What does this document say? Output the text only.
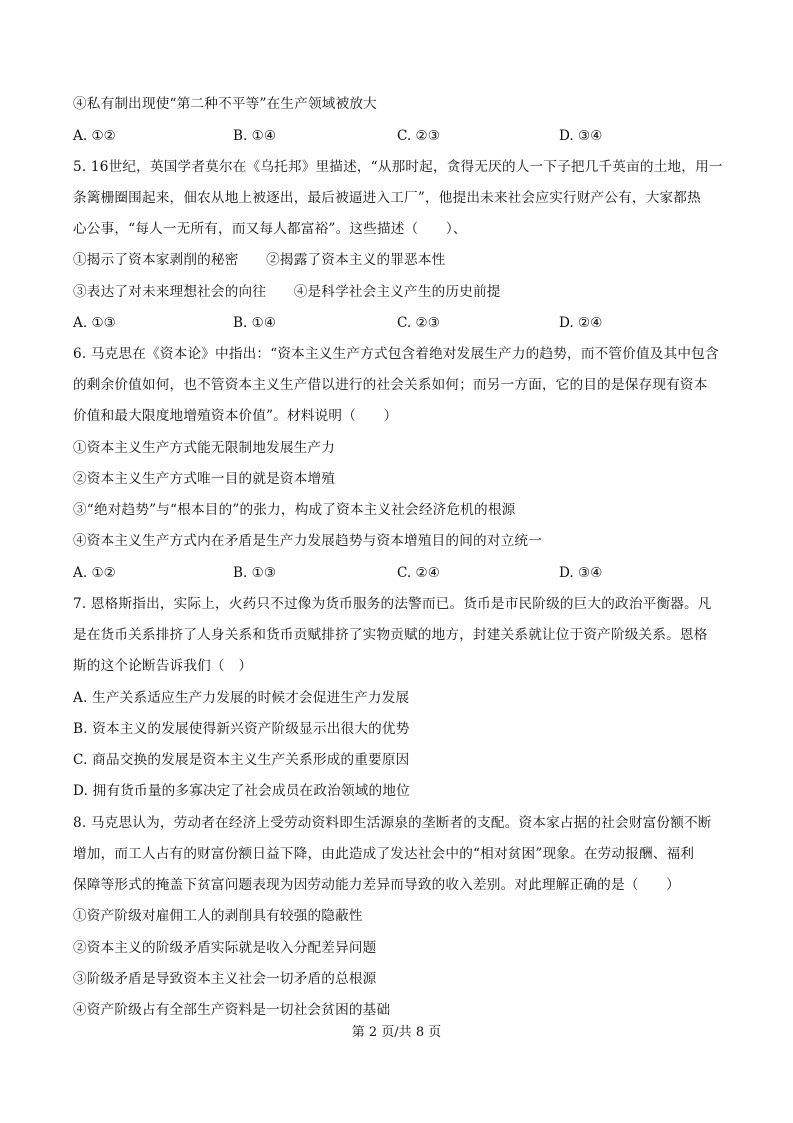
④私有制出现使“第二种不平等”在生产领域被放大
A. ①②	B. ①④	C. ②③	D. ③④
5. 16世纪，英国学者莫尔在《乌托邦》里描述，“从那时起，贪得无厌的人一下子把几千英亩的土地，用一
条篱栅圈围起来，佃农从地上被逐出，最后被逼进入工厂”，他提出未来社会应实行财产公有，大家都热
心公事，“每人一无所有，而又每人都富裕”。这些描述（　　）、
①揭示了资本家剥削的秘密　　②揭露了资本主义的罪恶本性
③表达了对未来理想社会的向往　　④是科学社会主义产生的历史前提
A. ①③	B. ①④	C. ②③	D. ②④
6. 马克思在《资本论》中指出：“资本主义生产方式包含着绝对发展生产力的趋势，而不管价值及其中包含
的剩余价值如何，也不管资本主义生产借以进行的社会关系如何；而另一方面，它的目的是保存现有资本
价值和最大限度地增殖资本价值”。材料说明（　　）
①资本主义生产方式能无限制地发展生产力
②资本主义生产方式唯一目的就是资本增殖
③“绝对趋势”与“根本目的”的张力，构成了资本主义社会经济危机的根源
④资本主义生产方式内在矛盾是生产力发展趋势与资本增殖目的间的对立统一
A. ①②	B. ①③	C. ②④	D. ③④
7. 恩格斯指出，实际上，火药只不过像为货币服务的法警而已。货币是市民阶级的巨大的政治平衡器。凡
是在货币关系排挤了人身关系和货币贡赋排挤了实物贡赋的地方，封建关系就让位于资产阶级关系。恩格
斯的这个论断告诉我们（　）
A. 生产关系适应生产力发展的时候才会促进生产力发展
B. 资本主义的发展使得新兴资产阶级显示出很大的优势
C. 商品交换的发展是资本主义生产关系形成的重要原因
D. 拥有货币量的多寡决定了社会成员在政治领域的地位
8. 马克思认为，劳动者在经济上受劳动资料即生活源泉的垄断者的支配。资本家占据的社会财富份额不断
增加，而工人占有的财富份额日益下降，由此造成了发达社会中的“相对贫困”现象。在劳动报酬、福利
保障等形式的掩盖下贫富问题表现为因劳动能力差异而导致的收入差别。对此理解正确的是（　　）
①资产阶级对雇佣工人的剥削具有较强的隐蔽性
②资本主义的阶级矛盾实际就是收入分配差异问题
③阶级矛盾是导致资本主义社会一切矛盾的总根源
④资产阶级占有全部生产资料是一切社会贫困的基础
第 2 页/共 8 页
